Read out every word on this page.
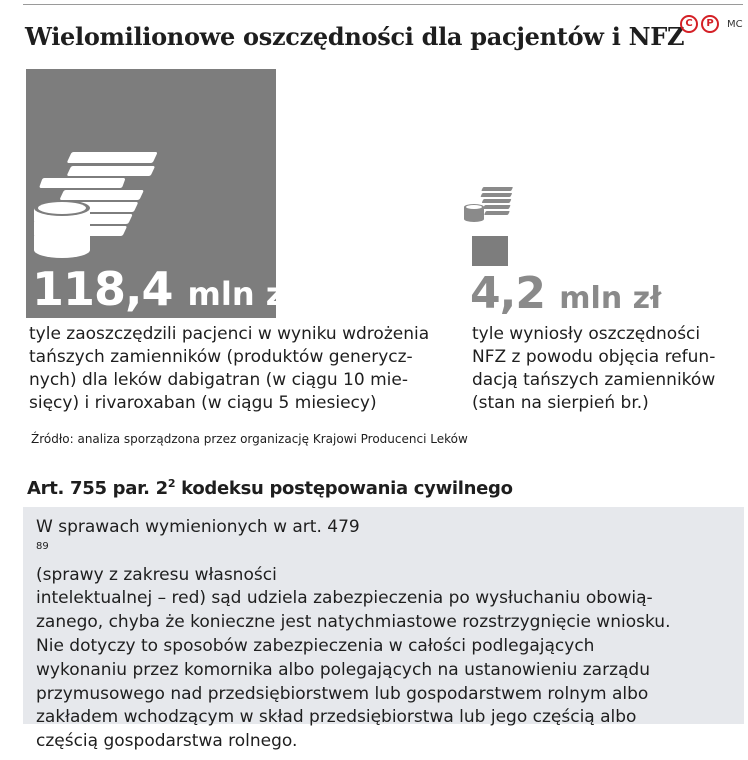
Wielomilionowe oszczędności dla pacjentów i NFZ C	P	MC

118,4 mln zł	4,2 mln zł

tyle zaoszczędzili pacjenci w wyniku wdrożenia
tańszych zamienników (produktów generycz-
nych) dla leków dabigatran (w ciągu 10 mie-
sięcy) i rivaroxaban (w ciągu 5 miesiecy)

tyle wyniosły oszczędności
NFZ z powodu objęcia refun-
dacją tańszych zamienników
(stan na sierpień br.)

Źródło: analiza sporządzona przez organizację Krajowi Producenci Leków

Art. 755 par. $2^2$ kodeksu postępowania cywilnego

W sprawach wymienionych w art. 479
$^{89}$
(sprawy z zakresu własności
intelektualnej – red) sąd udziela zabezpieczenia po wysłuchaniu obowią-
zanego, chyba że konieczne jest natychmiastowe rozstrzygnięcie wniosku.
Nie dotyczy to sposobów zabezpieczenia w całości podlegających
wykonaniu przez komornika albo polegających na ustanowieniu zarządu
przymusowego nad przedsiębiorstwem lub gospodarstwem rolnym albo
zakładem wchodzącym w skład przedsiębiorstwa lub jego częścią albo
częścią gospodarstwa rolnego.
